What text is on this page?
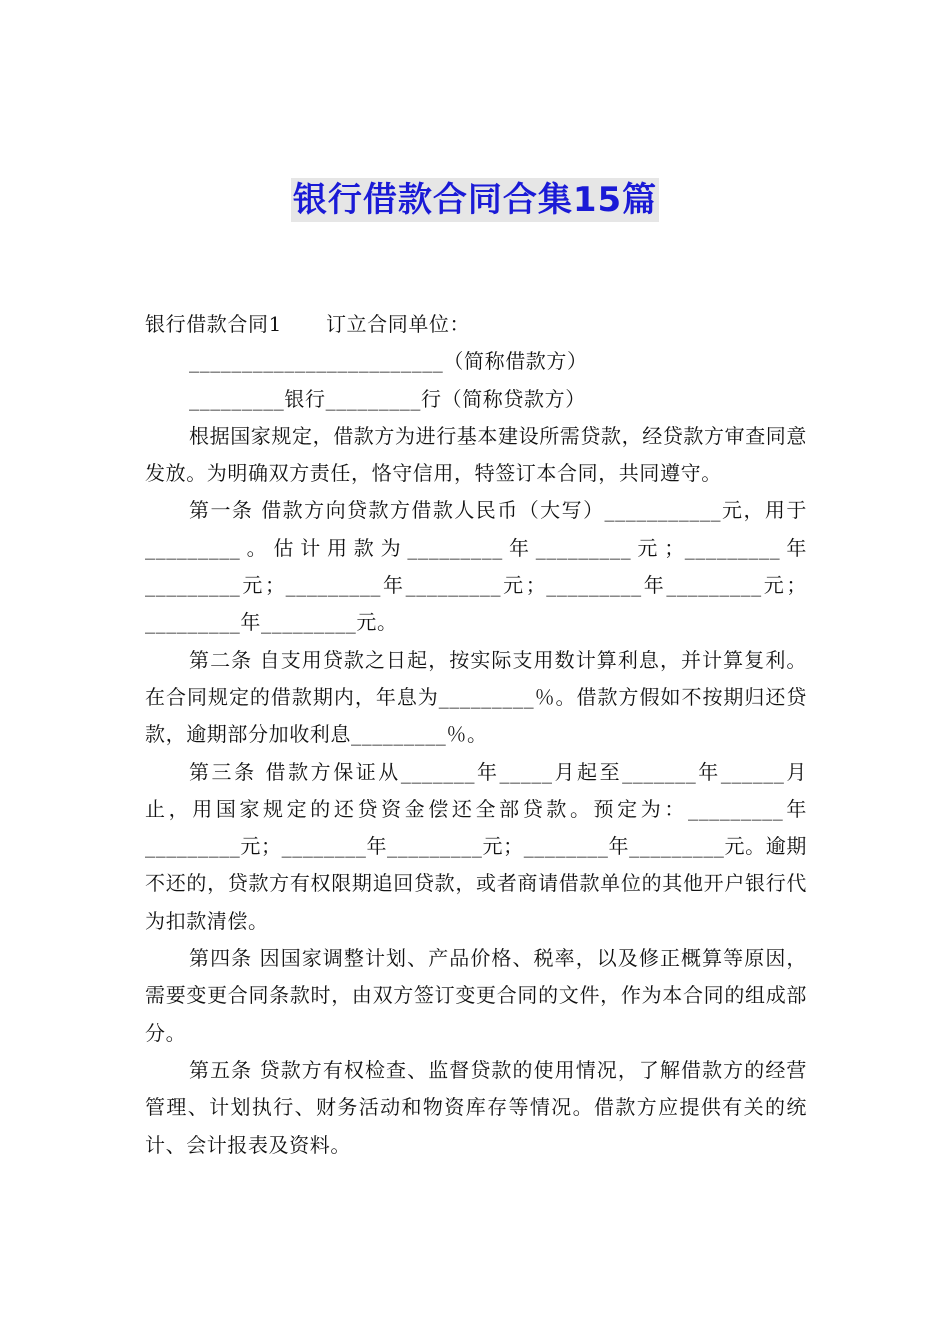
银行借款合同合集15篇

银行借款合同1 订立合同单位：

________________________（简称借款方）

_________银行_________行（简称贷款方）

根据国家规定，借款方为进行基本建设所需贷款，经贷款方审查同意发放。为明确双方责任，恪守信用，特签订本合同，共同遵守。

第一条 借款方向贷款方借款人民币（大写）___________元，用于_________。估计用款为_________年_________元；_________年_________元；_________年_________元；_________年_________元；_________年_________元。

第二条 自支用贷款之日起，按实际支用数计算利息，并计算复利。在合同规定的借款期内，年息为_________％。借款方假如不按期归还贷款，逾期部分加收利息_________％。

第三条 借款方保证从_______年_____月起至_______年______月止，用国家规定的还贷资金偿还全部贷款。预定为：_________年_________元；________年_________元；________年_________元。逾期不还的，贷款方有权限期追回贷款，或者商请借款单位的其他开户银行代为扣款清偿。

第四条 因国家调整计划、产品价格、税率，以及修正概算等原因，需要变更合同条款时，由双方签订变更合同的文件，作为本合同的组成部分。

第五条 贷款方有权检查、监督贷款的使用情况，了解借款方的经营管理、计划执行、财务活动和物资库存等情况。借款方应提供有关的统计、会计报表及资料。
